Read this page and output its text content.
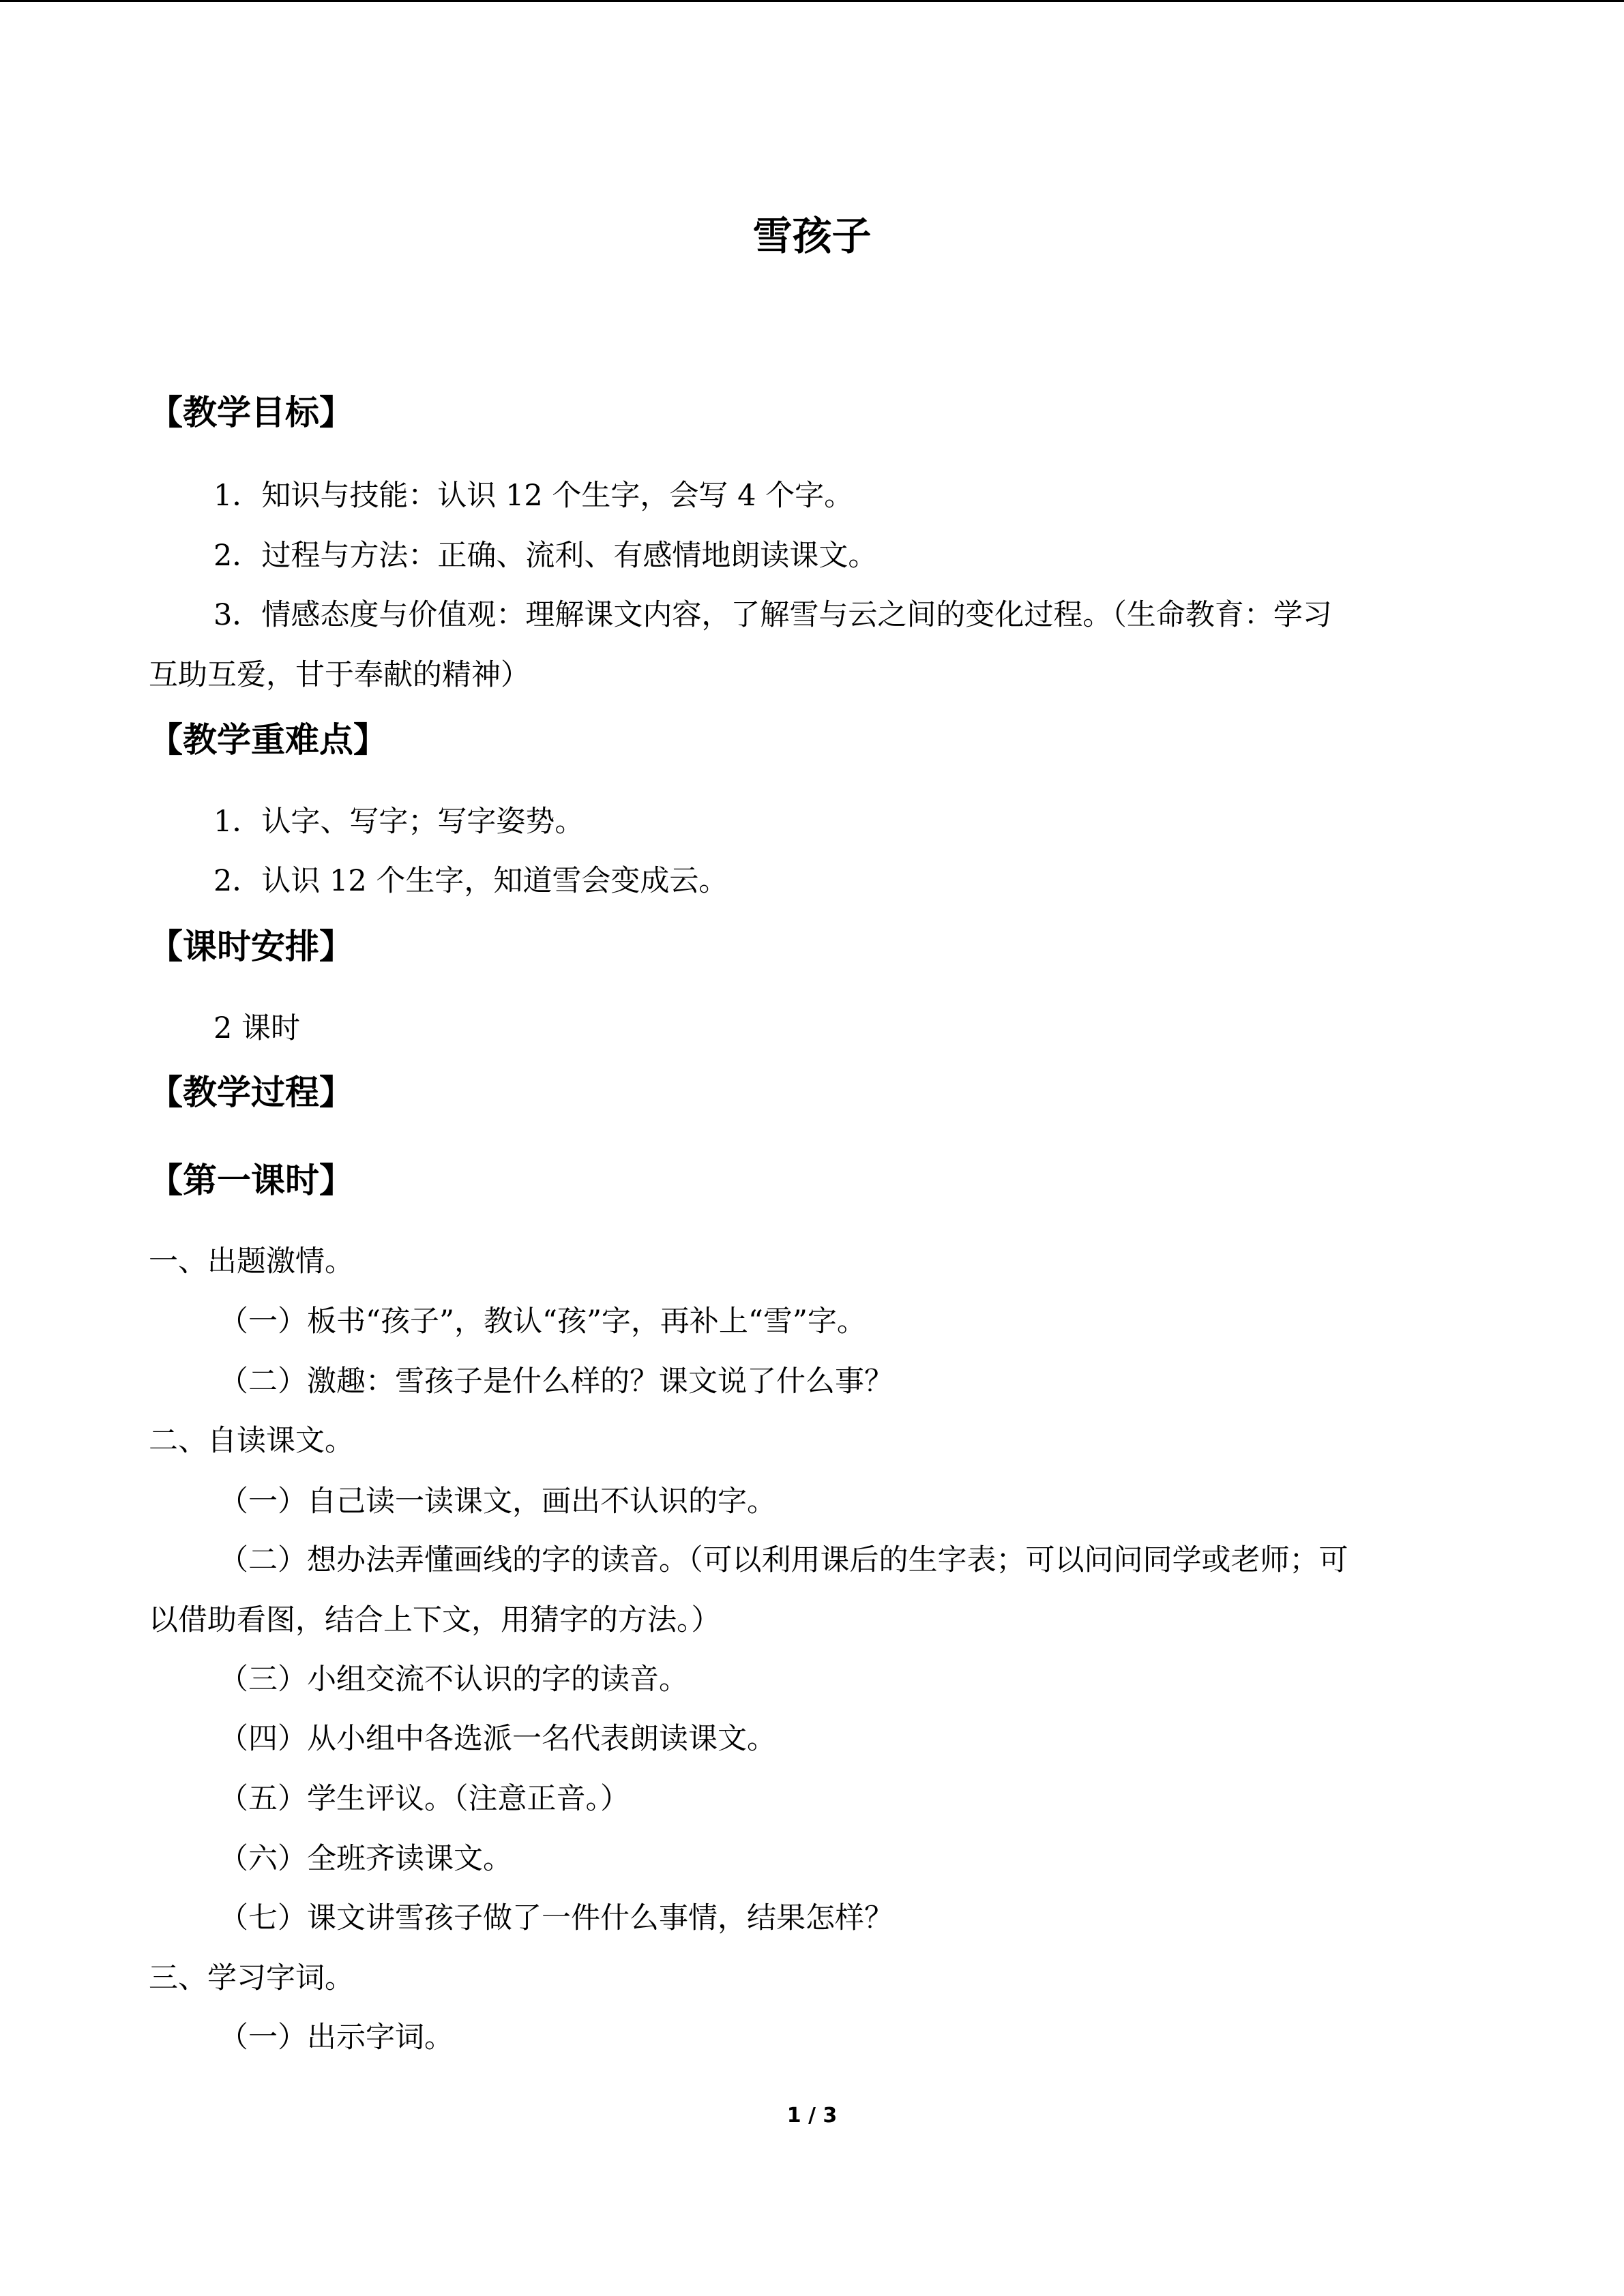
雪孩子
【教学目标】

1．知识与技能：认识 12 个生字，会写 4 个字。

2．过程与方法：正确、流利、有感情地朗读课文。

3．情感态度与价值观：理解课文内容，了解雪与云之间的变化过程。（生命教育：学习

互助互爱，甘于奉献的精神）

【教学重难点】

1．认字、写字；写字姿势。

2．认识 12 个生字，知道雪会变成云。

【课时安排】

2 课时

【教学过程】
【第一课时】

一、出题激情。

（一）板书“孩子”，教认“孩”字，再补上“雪”字。

（二）激趣：雪孩子是什么样的？课文说了什么事？

二、自读课文。

（一）自己读一读课文，画出不认识的字。

（二）想办法弄懂画线的字的读音。（可以利用课后的生字表；可以问问同学或老师；可

以借助看图，结合上下文，用猜字的方法。）

（三）小组交流不认识的字的读音。

（四）从小组中各选派一名代表朗读课文。

（五）学生评议。（注意正音。）

（六）全班齐读课文。

（七）课文讲雪孩子做了一件什么事情，结果怎样？

三、学习字词。

（一）出示字词。

1 / 3
